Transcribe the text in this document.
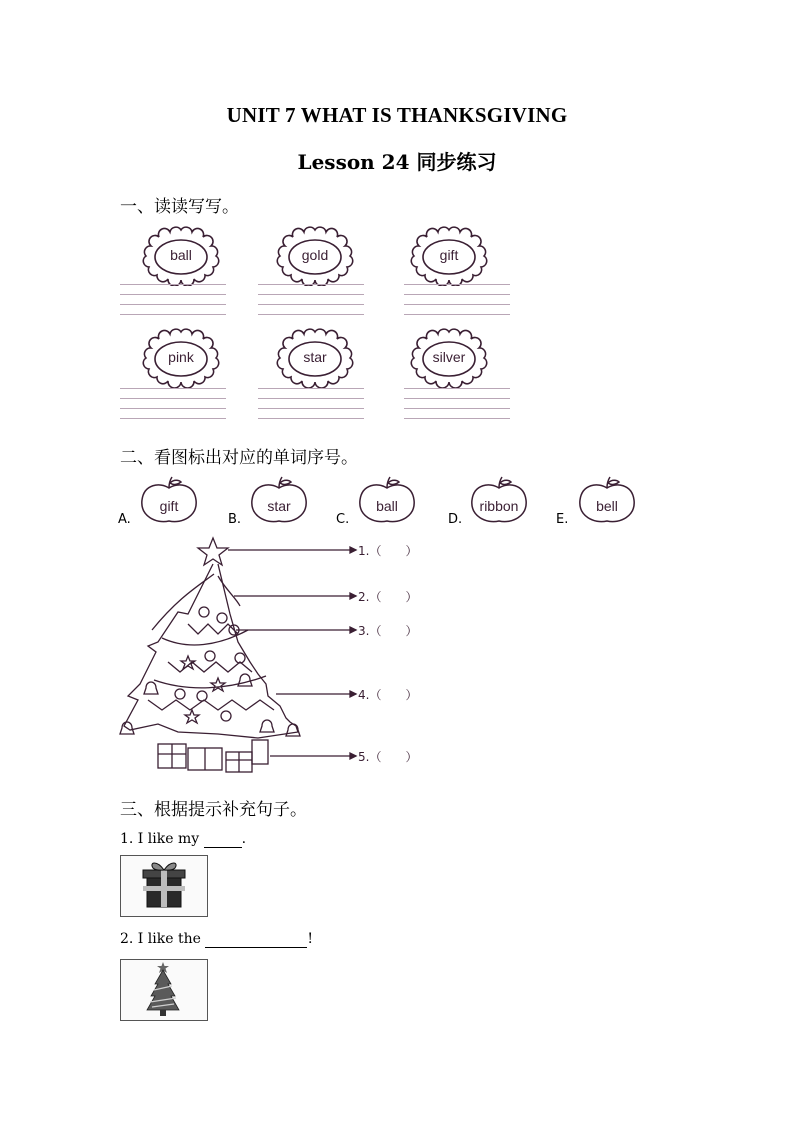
UNIT 7 WHAT IS THANKSGIVING
Lesson 24 同步练习
一、读读写写。
ball	gold	gift
pink	star	silver
二、看图标出对应的单词序号。
A.
gift
B.
star
C.
ball
D.
ribbon
E.
bell
1.（　　）
2.（　　）
3.（　　）
4.（　　）
5.（　　）
三、根据提示补充句子。
1. I like my	.
2. I like the	!
